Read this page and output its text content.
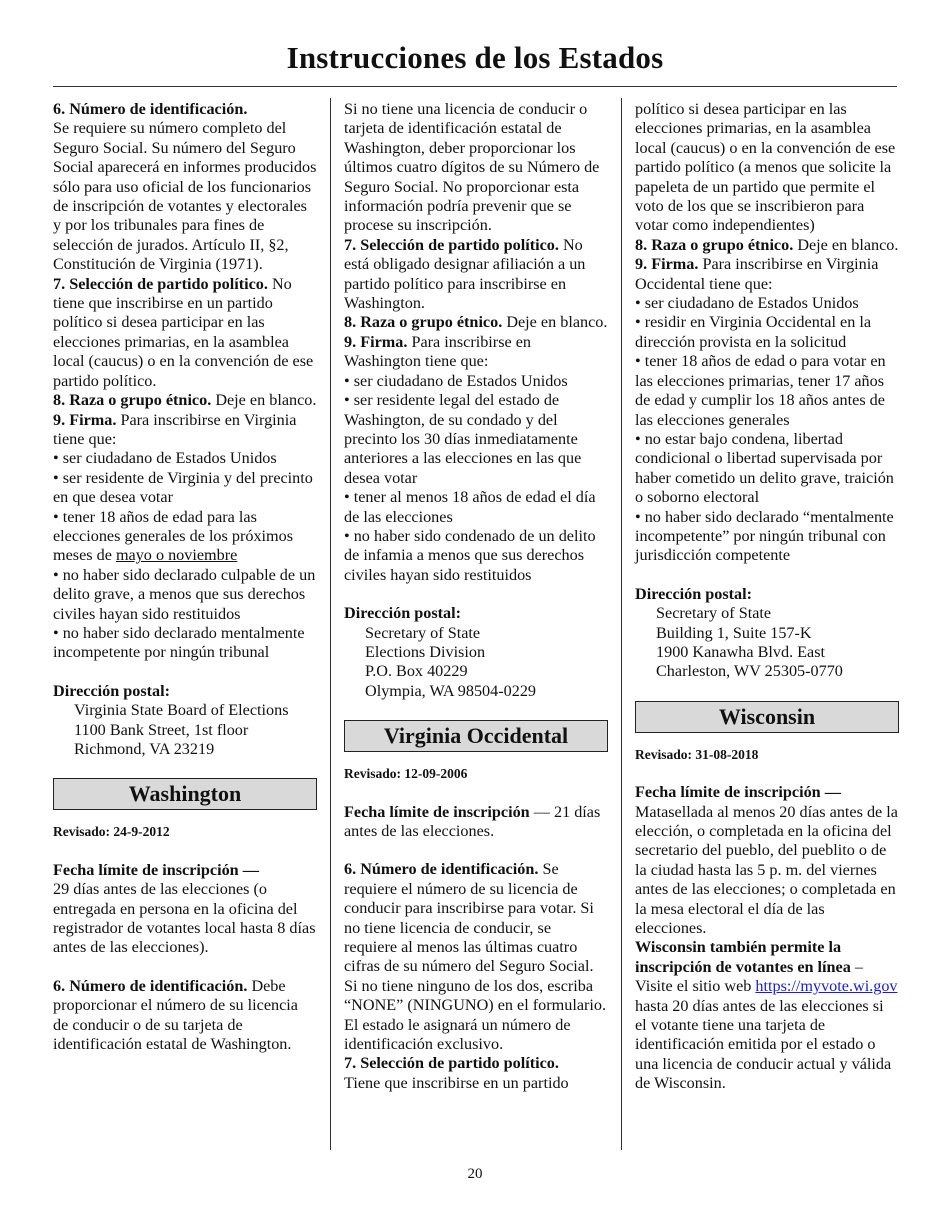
Instrucciones de los Estados

6. Número de identificación.
Se requiere su número completo del Seguro Social. Su número del Seguro Social aparecerá en informes producidos sólo para uso oficial de los funcionarios de inscripción de votantes y electorales y por los tribunales para fines de selección de jurados. Artículo II, §2, Constitución de Virginia (1971).

7. Selección de partido político. No tiene que inscribirse en un partido político si desea participar en las elecciones primarias, en la asamblea local (caucus) o en la convención de ese partido político.

8. Raza o grupo étnico. Deje en blanco.

9. Firma. Para inscribirse en Virginia tiene que:

• ser ciudadano de Estados Unidos

• ser residente de Virginia y del precinto en que desea votar

• tener 18 años de edad para las elecciones generales de los próximos meses de mayo o noviembre

• no haber sido declarado culpable de un delito grave, a menos que sus derechos civiles hayan sido restituidos

• no haber sido declarado mentalmente incompetente por ningún tribunal

Dirección postal:

Virginia State Board of Elections

1100 Bank Street, 1st floor

Richmond, VA 23219

Washington

Revisado: 24-9-2012

Fecha límite de inscripción —
29 días antes de las elecciones (o entregada en persona en la oficina del registrador de votantes local hasta 8 días antes de las elecciones).

6. Número de identificación. Debe proporcionar el número de su licencia de conducir o de su tarjeta de identificación estatal de Washington.

Si no tiene una licencia de conducir o tarjeta de identificación estatal de Washington, deber proporcionar los últimos cuatro dígitos de su Número de Seguro Social. No proporcionar esta información podría prevenir que se procese su inscripción.

7. Selección de partido político. No está obligado designar afiliación a un partido político para inscribirse en Washington.

8. Raza o grupo étnico. Deje en blanco.

9. Firma. Para inscribirse en Washington tiene que:

• ser ciudadano de Estados Unidos

• ser residente legal del estado de Washington, de su condado y del precinto los 30 días inmediatamente anteriores a las elecciones en las que desea votar

• tener al menos 18 años de edad el día de las elecciones

• no haber sido condenado de un delito de infamia a menos que sus derechos civiles hayan sido restituidos

Dirección postal:

Secretary of State

Elections Division

P.O. Box 40229

Olympia, WA 98504-0229

Virginia Occidental

Revisado: 12-09-2006

Fecha límite de inscripción — 21 días antes de las elecciones.

6. Número de identificación. Se requiere el número de su licencia de conducir para inscribirse para votar. Si no tiene licencia de conducir, se requiere al menos las últimas cuatro cifras de su número del Seguro Social. Si no tiene ninguno de los dos, escriba “NONE” (NINGUNO) en el formulario. El estado le asignará un número de identificación exclusivo.

7. Selección de partido político.
Tiene que inscribirse en un partido

político si desea participar en las elecciones primarias, en la asamblea local (caucus) o en la convención de ese partido político (a menos que solicite la papeleta de un partido que permite el voto de los que se inscribieron para votar como independientes)

8. Raza o grupo étnico. Deje en blanco.

9. Firma. Para inscribirse en Virginia Occidental tiene que:

• ser ciudadano de Estados Unidos

• residir en Virginia Occidental en la dirección provista en la solicitud

• tener 18 años de edad o para votar en las elecciones primarias, tener 17 años de edad y cumplir los 18 años antes de las elecciones generales

• no estar bajo condena, libertad condicional o libertad supervisada por haber cometido un delito grave, traición o soborno electoral

• no haber sido declarado “mentalmente incompetente” por ningún tribunal con jurisdicción competente

Dirección postal:

Secretary of State

Building 1, Suite 157-K

1900 Kanawha Blvd. East

Charleston, WV 25305-0770

Wisconsin

Revisado: 31-08-2018

Fecha límite de inscripción —
Matasellada al menos 20 días antes de la elección, o completada en la oficina del secretario del pueblo, del pueblito o de la ciudad hasta las 5 p. m. del viernes antes de las elecciones; o completada en la mesa electoral el día de las elecciones.

Wisconsin también permite la inscripción de votantes en línea – Visite el sitio web https://myvote.wi.gov hasta 20 días antes de las elecciones si el votante tiene una tarjeta de identificación emitida por el estado o una licencia de conducir actual y válida de Wisconsin.

20
